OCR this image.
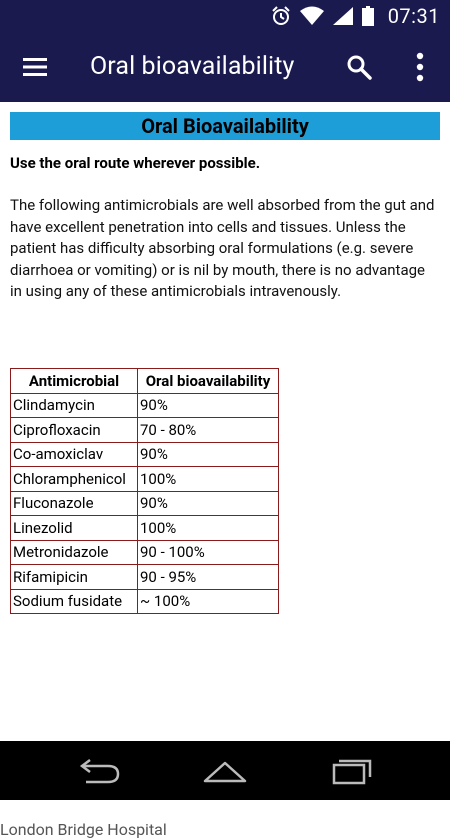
07:31
Oral bioavailability
Oral Bioavailability
Use the oral route wherever possible.
The following antimicrobials are well absorbed from the gut and have excellent penetration into cells and tissues. Unless the patient has difficulty absorbing oral formulations (e.g. severe diarrhoea or vomiting) or is nil by mouth, there is no advantage in using any of these antimicrobials intravenously.
Antimicrobial	Oral bioavailability
Clindamycin	90%
Ciprofloxacin	70 - 80%
Co-amoxiclav	90%
Chloramphenicol	100%
Fluconazole	90%
Linezolid	100%
Metronidazole	90 - 100%
Rifamipicin	90 - 95%
Sodium fusidate	~ 100%
London Bridge Hospital
